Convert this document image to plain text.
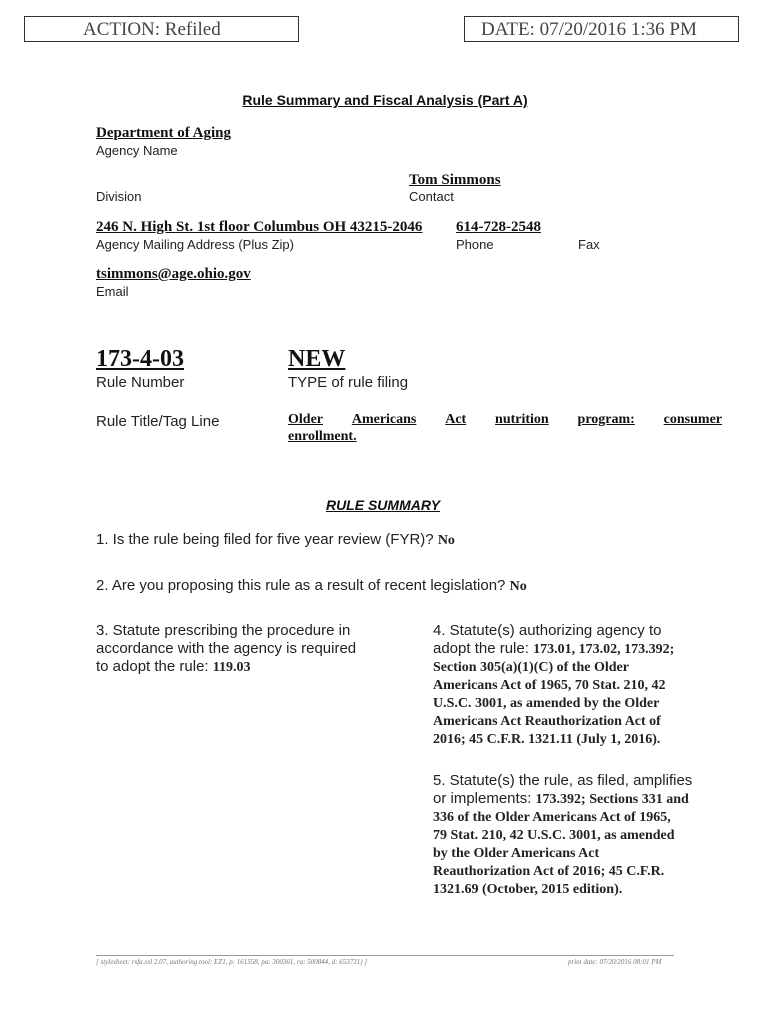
ACTION: Refiled	DATE: 07/20/2016 1:36 PM
Rule Summary and Fiscal Analysis (Part A)
Department of Aging
Agency Name
Tom Simmons
Division	Contact
246 N. High St. 1st floor Columbus OH 43215-2046 614-728-2548
Agency Mailing Address (Plus Zip)	Phone	Fax
tsimmons@age.ohio.gov
Email
173-4-03	NEW
Rule Number	TYPE of rule filing
Rule Title/Tag Line	Older Americans Act nutrition program: consumer
enrollment.
RULE SUMMARY
1. Is the rule being filed for five year review (FYR)? No
2. Are you proposing this rule as a result of recent legislation? No
3. Statute prescribing the procedure in
accordance with the agency is required
to adopt the rule: 119.03
4. Statute(s) authorizing agency to
adopt the rule: 173.01, 173.02, 173.392;
Section 305(a)(1)(C) of the Older
Americans Act of 1965, 70 Stat. 210, 42
U.S.C. 3001, as amended by the Older
Americans Act Reauthorization Act of
2016; 45 C.F.R. 1321.11 (July 1, 2016).
5. Statute(s) the rule, as filed, amplifies
or implements: 173.392; Sections 331 and
336 of the Older Americans Act of 1965,
79 Stat. 210, 42 U.S.C. 3001, as amended
by the Older Americans Act
Reauthorization Act of 2016; 45 C.F.R.
1321.69 (October, 2015 edition).
[ stylesheet: rsfa.xsl 2.07, authoring tool: EZ1, p: 161558, pa: 300361, ra: 500844, d: 653731) ]	print date: 07/20/2016 08:01 PM
